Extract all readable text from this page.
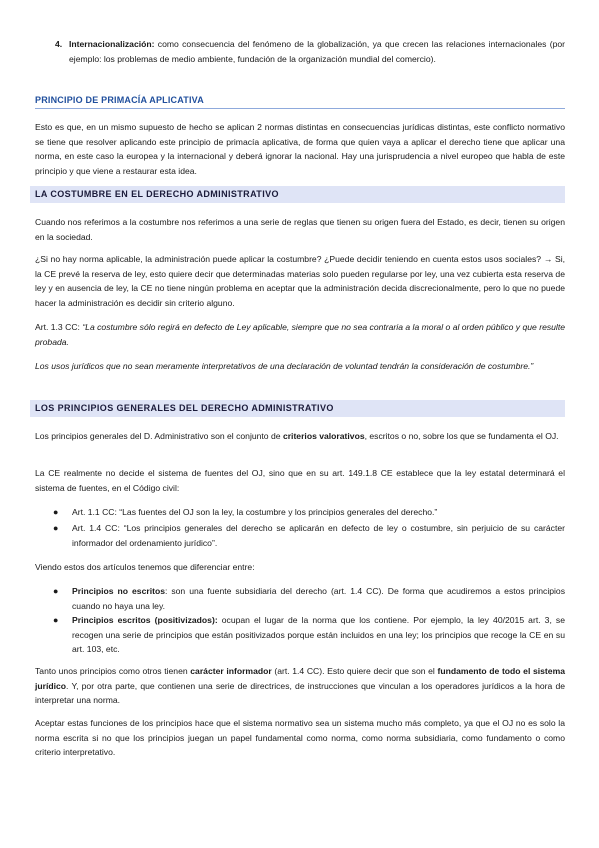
4. Internacionalización: como consecuencia del fenómeno de la globalización, ya que crecen las relaciones internacionales (por ejemplo: los problemas de medio ambiente, fundación de la organización mundial del comercio).
PRINCIPIO DE PRIMACÍA APLICATIVA

Esto es que, en un mismo supuesto de hecho se aplican 2 normas distintas en consecuencias jurídicas distintas, este conflicto normativo se tiene que resolver aplicando este principio de primacía aplicativa, de forma que quien vaya a aplicar el derecho tiene que aplicar una norma, en este caso la europea y la internacional y deberá ignorar la nacional. Hay una jurisprudencia a nivel europeo que habla de este principio y que viene a restaurar esta idea.

LA COSTUMBRE EN EL DERECHO ADMINISTRATIVO

Cuando nos referimos a la costumbre nos referimos a una serie de reglas que tienen su origen fuera del Estado, es decir, tienen su origen en la sociedad.

¿Si no hay norma aplicable, la administración puede aplicar la costumbre? ¿Puede decidir teniendo en cuenta estos usos sociales? → Si, la CE prevé la reserva de ley, esto quiere decir que determinadas materias solo pueden regularse por ley, una vez cubierta esta reserva de ley y en ausencia de ley, la CE no tiene ningún problema en aceptar que la administración decida discrecionalmente, pero lo que no puede hacer la administración es decidir sin criterio alguno.

Art. 1.3 CC: “La costumbre sólo regirá en defecto de Ley aplicable, siempre que no sea contraria a la moral o al orden público y que resulte probada.

Los usos jurídicos que no sean meramente interpretativos de una declaración de voluntad tendrán la consideración de costumbre.”

LOS PRINCIPIOS GENERALES DEL DERECHO ADMINISTRATIVO

Los principios generales del D. Administrativo son el conjunto de criterios valorativos, escritos o no, sobre los que se fundamenta el OJ.

La CE realmente no decide el sistema de fuentes del OJ, sino que en su art. 149.1.8 CE establece que la ley estatal determinará el sistema de fuentes, en el Código civil:

● Art. 1.1 CC: “Las fuentes del OJ son la ley, la costumbre y los principios generales del derecho.”
● Art. 1.4 CC: “Los principios generales del derecho se aplicarán en defecto de ley o costumbre, sin perjuicio de su carácter informador del ordenamiento jurídico”.

Viendo estos dos artículos tenemos que diferenciar entre:

● Principios no escritos: son una fuente subsidiaria del derecho (art. 1.4 CC). De forma que acudiremos a estos principios cuando no haya una ley.
● Principios escritos (positivizados): ocupan el lugar de la norma que los contiene. Por ejemplo, la ley 40/2015 art. 3, se recogen una serie de principios que están positivizados porque están incluidos en una ley; los principios que recoge la CE en su art. 103, etc.

Tanto unos principios como otros tienen carácter informador (art. 1.4 CC). Esto quiere decir que son el fundamento de todo el sistema jurídico. Y, por otra parte, que contienen una serie de directrices, de instrucciones que vinculan a los operadores jurídicos a la hora de interpretar una norma.

Aceptar estas funciones de los principios hace que el sistema normativo sea un sistema mucho más completo, ya que el OJ no es solo la norma escrita si no que los principios juegan un papel fundamental como norma, como norma subsidiaria, como fundamento o como criterio interpretativo.
